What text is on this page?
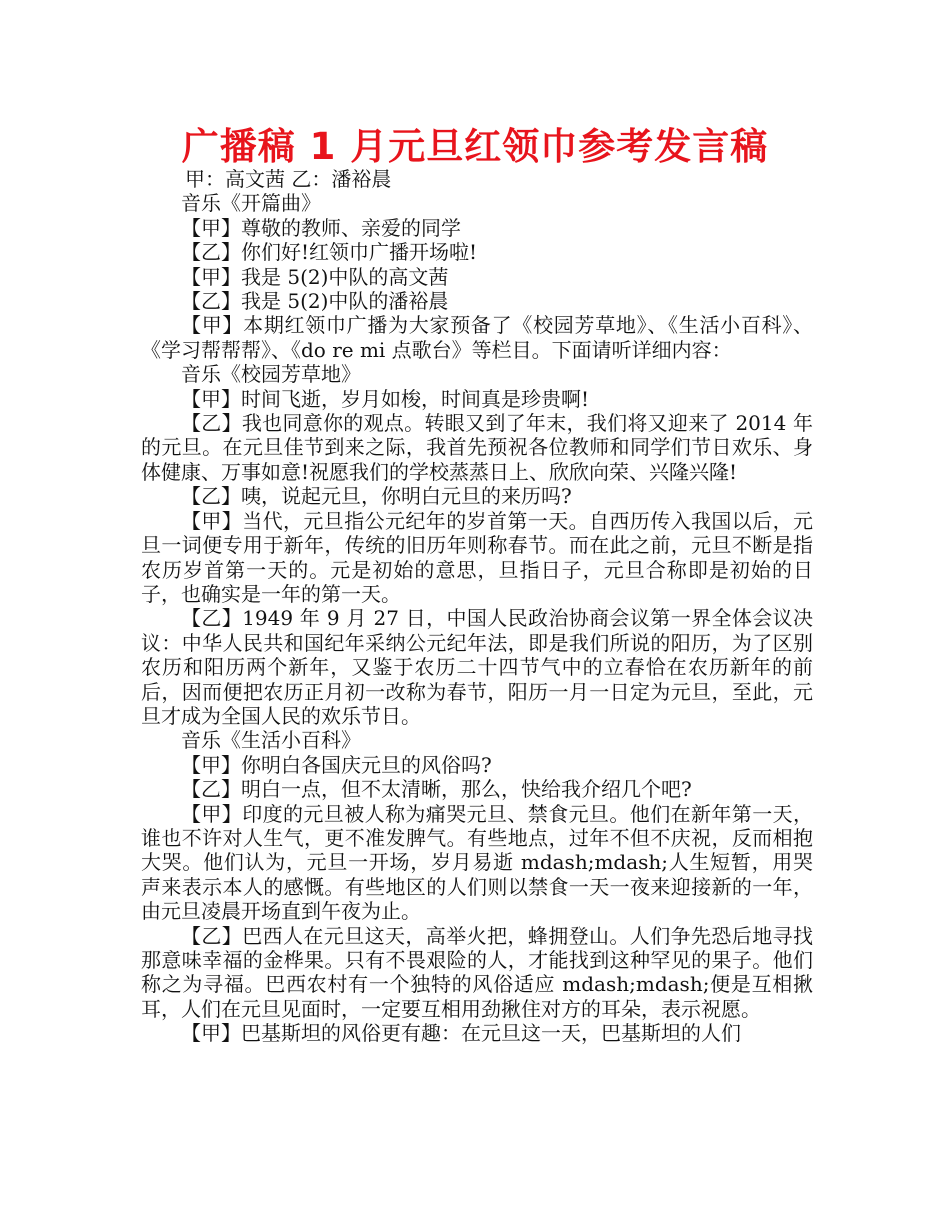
广播稿 1 月元旦红领巾参考发言稿

甲：高文茜 乙：潘裕晨

音乐《开篇曲》

【甲】尊敬的教师、亲爱的同学

【乙】你们好!红领巾广播开场啦!

【甲】我是 5(2)中队的高文茜

【乙】我是 5(2)中队的潘裕晨

【甲】本期红领巾广播为大家预备了《校园芳草地》、《生活小百科》、《学习帮帮帮》、《do re mi 点歌台》等栏目。下面请听详细内容：

音乐《校园芳草地》

【甲】时间飞逝，岁月如梭，时间真是珍贵啊!

【乙】我也同意你的观点。转眼又到了年末，我们将又迎来了 2014 年的元旦。在元旦佳节到来之际，我首先预祝各位教师和同学们节日欢乐、身体健康、万事如意!祝愿我们的学校蒸蒸日上、欣欣向荣、兴隆兴隆!

【乙】咦，说起元旦，你明白元旦的来历吗?

【甲】当代，元旦指公元纪年的岁首第一天。自西历传入我国以后，元旦一词便专用于新年，传统的旧历年则称春节。而在此之前，元旦不断是指农历岁首第一天的。元是初始的意思，旦指日子，元旦合称即是初始的日子，也确实是一年的第一天。

【乙】1949 年 9 月 27 日，中国人民政治协商会议第一界全体会议决议：中华人民共和国纪年采纳公元纪年法，即是我们所说的阳历，为了区别农历和阳历两个新年，又鉴于农历二十四节气中的立春恰在农历新年的前后，因而便把农历正月初一改称为春节，阳历一月一日定为元旦，至此，元旦才成为全国人民的欢乐节日。

音乐《生活小百科》

【甲】你明白各国庆元旦的风俗吗?

【乙】明白一点，但不太清晰，那么，快给我介绍几个吧?

【甲】印度的元旦被人称为痛哭元旦、禁食元旦。他们在新年第一天，谁也不许对人生气，更不准发脾气。有些地点，过年不但不庆祝，反而相抱大哭。他们认为，元旦一开场，岁月易逝 mdash;mdash;人生短暂，用哭声来表示本人的感慨。有些地区的人们则以禁食一天一夜来迎接新的一年，由元旦凌晨开场直到午夜为止。

【乙】巴西人在元旦这天，高举火把，蜂拥登山。人们争先恐后地寻找那意味幸福的金桦果。只有不畏艰险的人，才能找到这种罕见的果子。他们称之为寻福。巴西农村有一个独特的风俗适应 mdash;mdash;便是互相揪耳，人们在元旦见面时，一定要互相用劲揪住对方的耳朵，表示祝愿。

【甲】巴基斯坦的风俗更有趣：在元旦这一天，巴基斯坦的人们
